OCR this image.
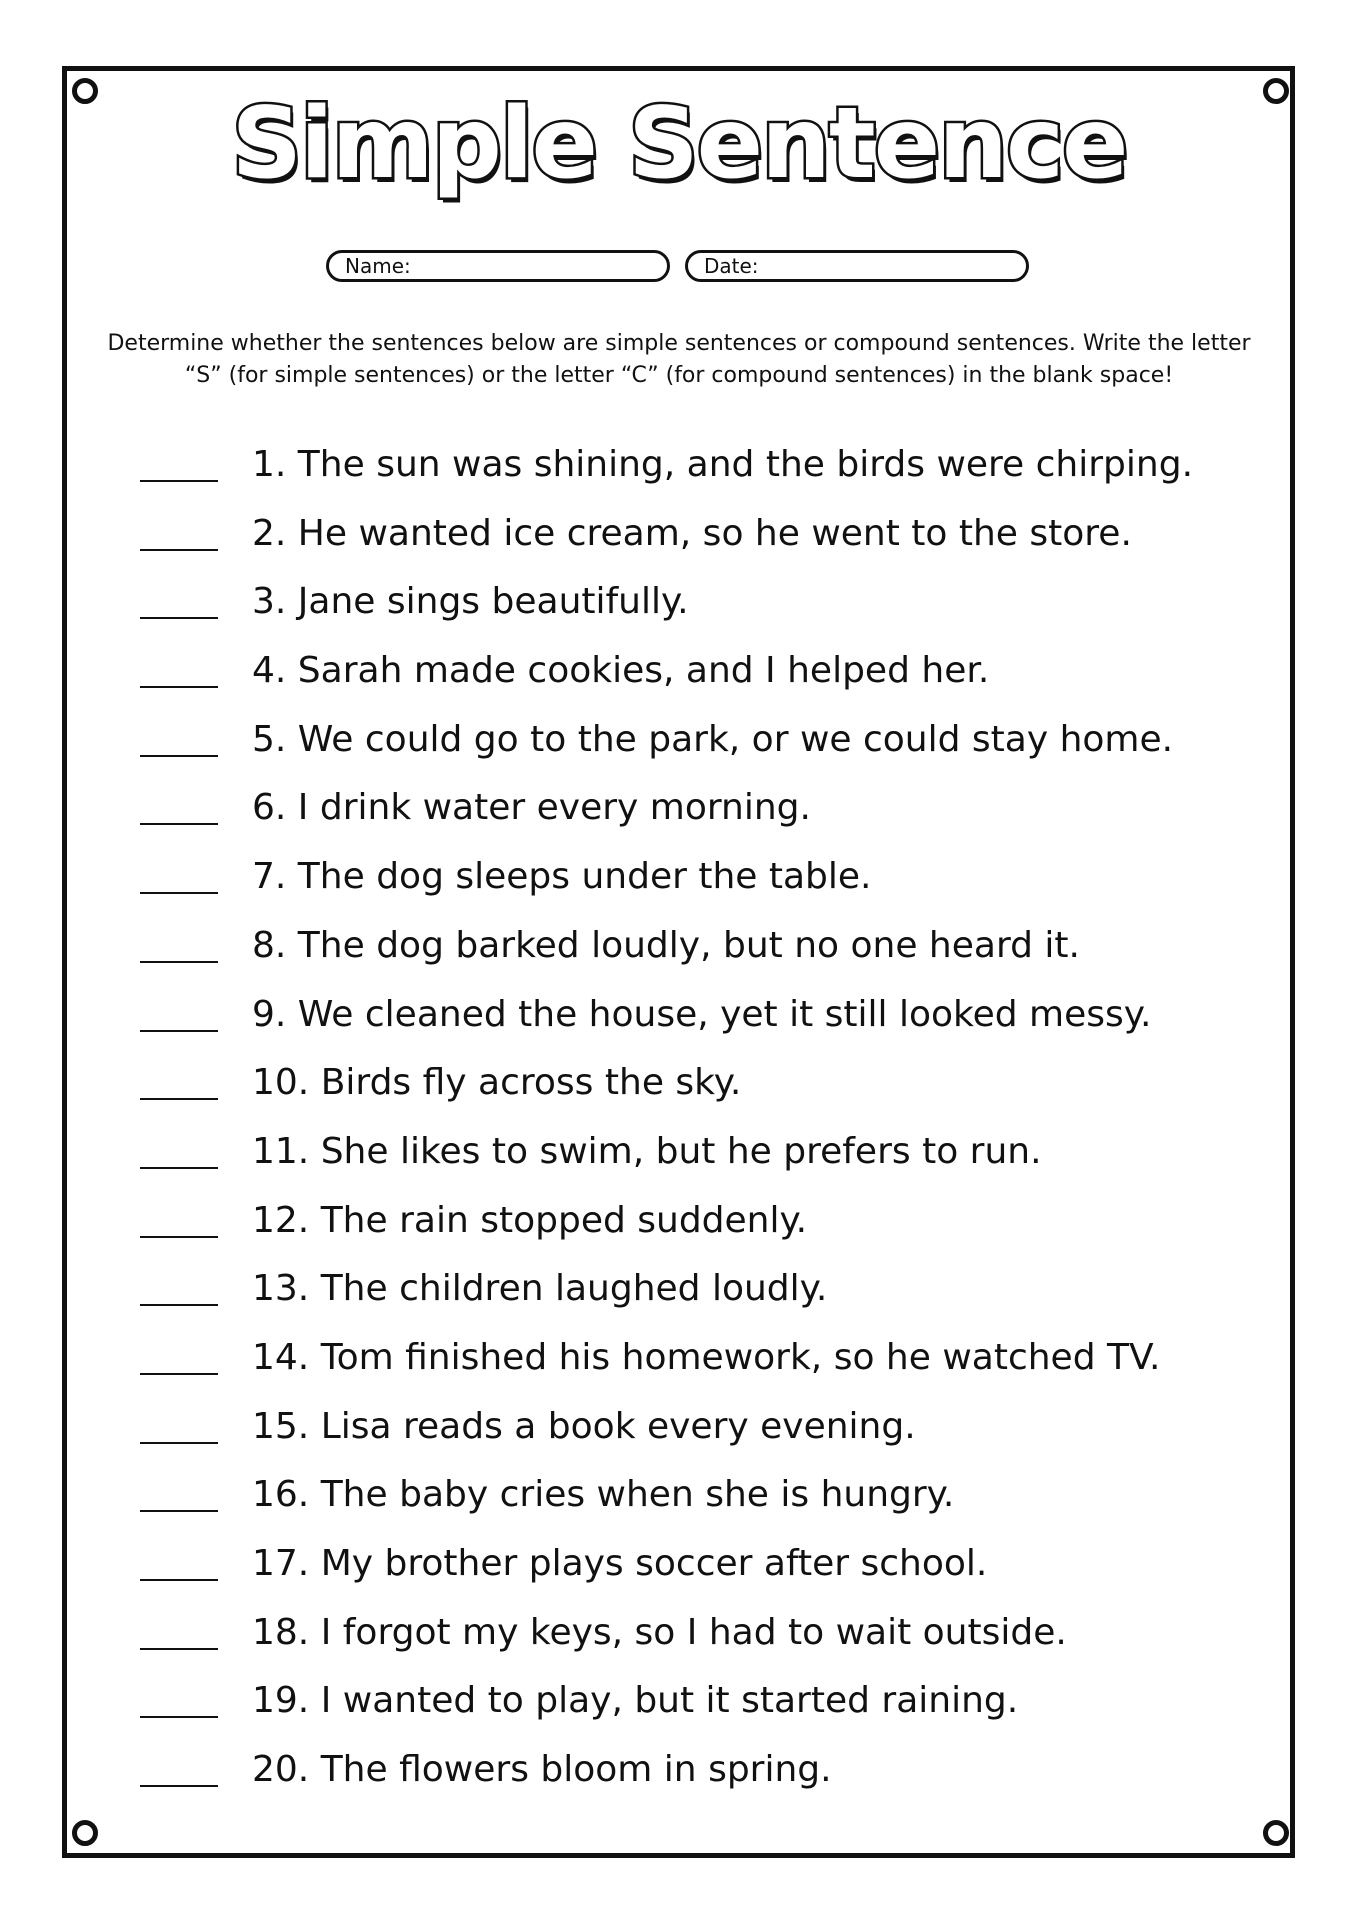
Simple Sentence
Name:	Date:

Determine whether the sentences below are simple sentences or compound sentences. Write the letter “S” (for simple sentences) or the letter “C” (for compound sentences) in the blank space!

1. The sun was shining, and the birds were chirping.
2. He wanted ice cream, so he went to the store.
3. Jane sings beautifully.
4. Sarah made cookies, and I helped her.
5. We could go to the park, or we could stay home.
6. I drink water every morning.
7. The dog sleeps under the table.
8. The dog barked loudly, but no one heard it.
9. We cleaned the house, yet it still looked messy.
10. Birds fly across the sky.
11. She likes to swim, but he prefers to run.
12. The rain stopped suddenly.
13. The children laughed loudly.
14. Tom finished his homework, so he watched TV.
15. Lisa reads a book every evening.
16. The baby cries when she is hungry.
17. My brother plays soccer after school.
18. I forgot my keys, so I had to wait outside.
19. I wanted to play, but it started raining.
20. The flowers bloom in spring.
